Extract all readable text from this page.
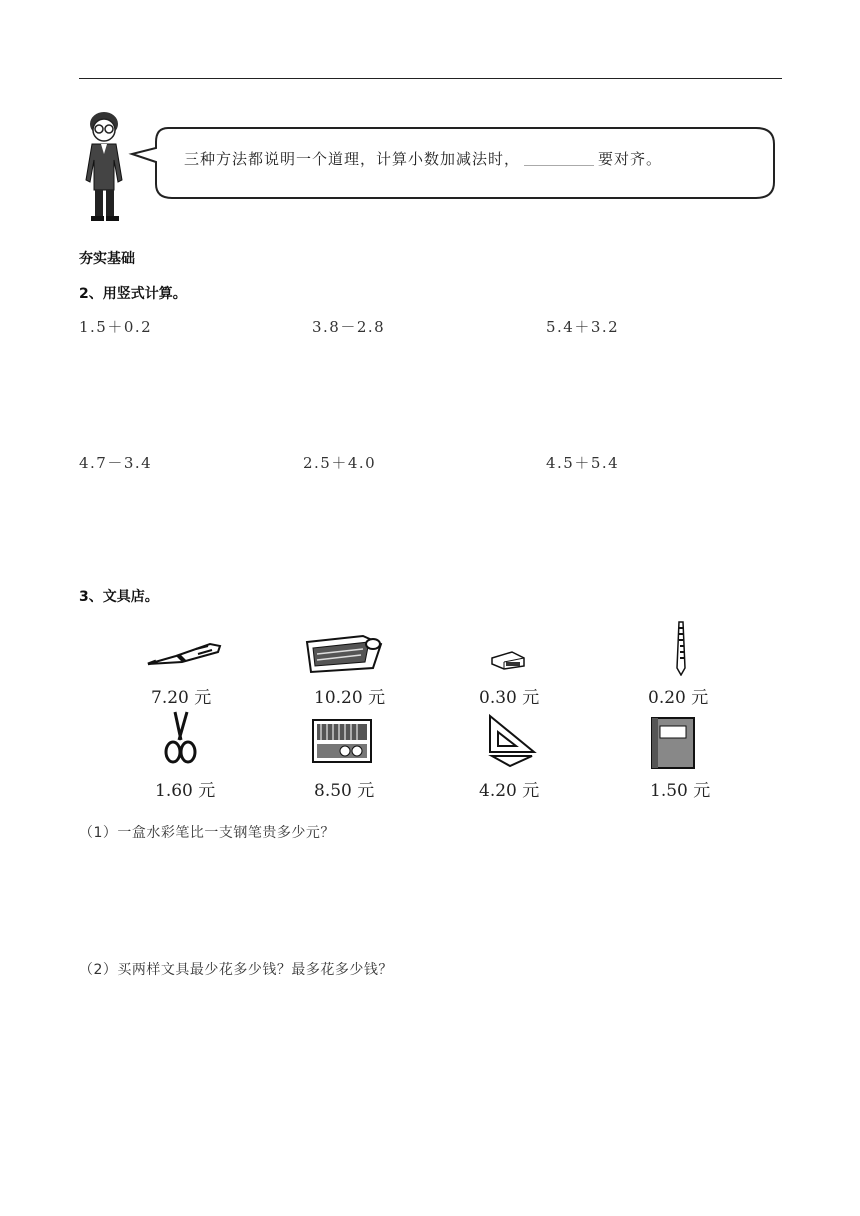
三种方法都说明一个道理，计算小数加减法时，	要对齐。
夯实基础
2、用竖式计算。
1.5＋0.2	3.8－2.8	5.4＋3.2
4.7－3.4	2.5＋4.0	4.5＋5.4
3、文具店。
7.20 元	10.20 元	0.30 元	0.20 元
1.60 元	8.50 元	4.20 元	1.50 元
（1）一盒水彩笔比一支钢笔贵多少元？
（2）买两样文具最少花多少钱？最多花多少钱？
